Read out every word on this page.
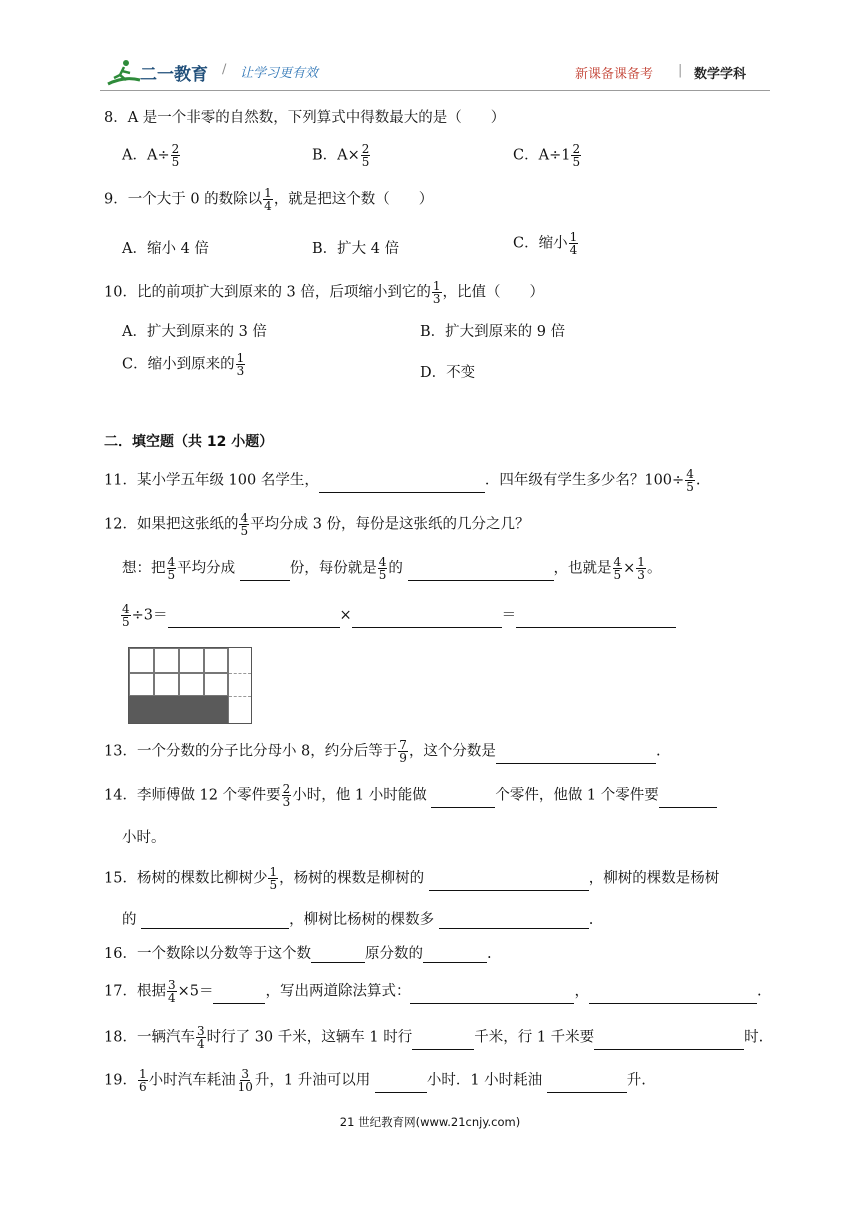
二一教育 / 让学习更有效	新课备课备考 | 数学学科
8．A 是一个非零的自然数，下列算式中得数最大的是（　　）
A．$A\div \frac{2}{5}$	B．$A\times \frac{2}{5}$	C．$A\div 1 \frac{2}{5}$
9．一个大于 0 的数除以 $\frac{1}{4}$ ，就是把这个数（　　）
A．缩小 4 倍	B．扩大 4 倍	C．缩小 $\frac{1}{4}$
10．比的前项扩大到原来的 3 倍，后项缩小到它的 $\frac{1}{3}$ ，比值（　　）
A．扩大到原来的 3 倍	B．扩大到原来的 9 倍
C．缩小到原来的 $\frac{1}{3}$	D．不变
二．填空题（共 12 小题）
11．某小学五年级 100 名学生，	．四年级有学生多少名？$100\div \frac{4}{5}$ .
12．如果把这张纸的 $\frac{4}{5}$ 平均分成 3 份，每份是这张纸的几分之几？
想：把 $\frac{4}{5}$ 平均分成	份，每份就是 $\frac{4}{5}$ 的	，也就是 $\frac{4}{5} \times \frac{1}{3}$ 。
$\frac{4}{5} \div 3=$	×	＝
13．一个分数的分子比分母小 8，约分后等于 $\frac{7}{9}$ ，这个分数是	.
14．李师傅做 12 个零件要 $\frac{2}{3}$ 小时，他 1 小时能做	个零件，他做 1 个零件要
小时。
15．杨树的棵数比柳树少 $\frac{1}{5}$ ，杨树的棵数是柳树的	，柳树的棵数是杨树
的	，柳树比杨树的棵数多	.
16．一个数除以分数等于这个数	原分数的	.
17．根据 $\frac{3}{4} \times 5=$	，写出两道除法算式：	，	.
18．一辆汽车 $\frac{3}{4}$ 时行了 30 千米，这辆车 1 时行	千米，行 1 千米要	时.
19． $\frac{1}{6}$ 小时汽车耗油 $\frac{3}{10}$ 升，1 升油可以用	小时．1 小时耗油	升.
21 世纪教育网(www.21cnjy.com)
